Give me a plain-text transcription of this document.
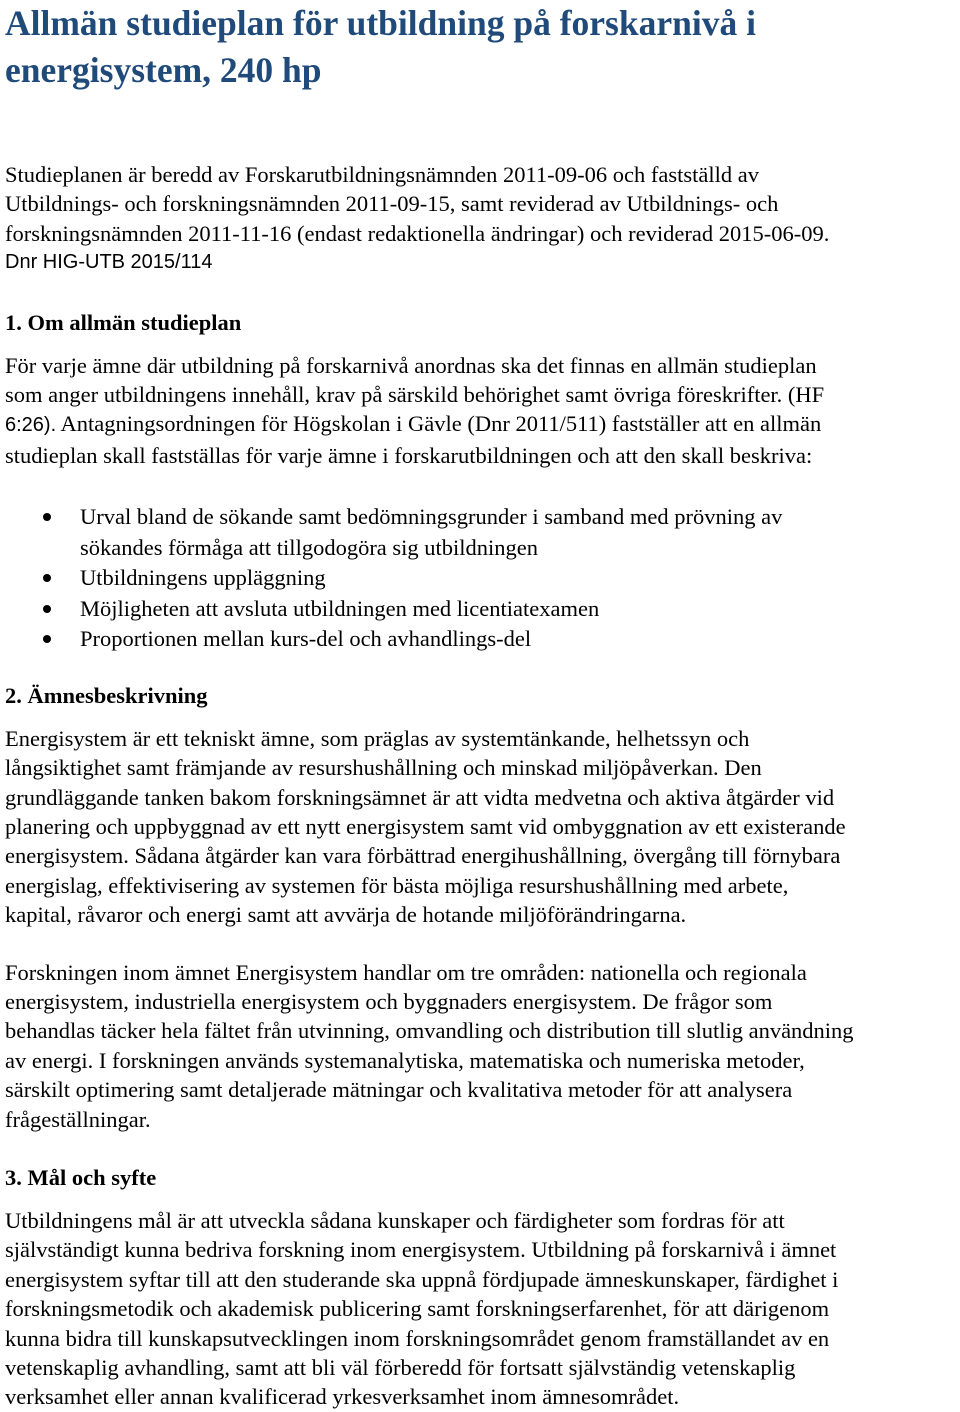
Allmän studieplan för utbildning på forskarnivå i
energisystem, 240 hp
Studieplanen är beredd av Forskarutbildningsnämnden 2011-09-06 och fastställd av
Utbildnings- och forskningsnämnden 2011-09-15, samt reviderad av Utbildnings- och
forskningsnämnden 2011-11-16 (endast redaktionella ändringar) och reviderad 2015-06-09.
Dnr HIG-UTB 2015/114
1. Om allmän studieplan
För varje ämne där utbildning på forskarnivå anordnas ska det finnas en allmän studieplan
som anger utbildningens innehåll, krav på särskild behörighet samt övriga föreskrifter. (HF
6:26). Antagningsordningen för Högskolan i Gävle (Dnr 2011/511) fastställer att en allmän
studieplan skall fastställas för varje ämne i forskarutbildningen och att den skall beskriva:
Urval bland de sökande samt bedömningsgrunder i samband med prövning av
sökandes förmåga att tillgodogöra sig utbildningen
Utbildningens uppläggning
Möjligheten att avsluta utbildningen med licentiatexamen
Proportionen mellan kurs-del och avhandlings-del
2. Ämnesbeskrivning
Energisystem är ett tekniskt ämne, som präglas av systemtänkande, helhetssyn och
långsiktighet samt främjande av resurshushållning och minskad miljöpåverkan. Den
grundläggande tanken bakom forskningsämnet är att vidta medvetna och aktiva åtgärder vid
planering och uppbyggnad av ett nytt energisystem samt vid ombyggnation av ett existerande
energisystem. Sådana åtgärder kan vara förbättrad energihushållning, övergång till förnybara
energislag, effektivisering av systemen för bästa möjliga resurshushållning med arbete,
kapital, råvaror och energi samt att avvärja de hotande miljöförändringarna.
Forskningen inom ämnet Energisystem handlar om tre områden: nationella och regionala
energisystem, industriella energisystem och byggnaders energisystem. De frågor som
behandlas täcker hela fältet från utvinning, omvandling och distribution till slutlig användning
av energi. I forskningen används systemanalytiska, matematiska och numeriska metoder,
särskilt optimering samt detaljerade mätningar och kvalitativa metoder för att analysera
frågeställningar.
3. Mål och syfte
Utbildningens mål är att utveckla sådana kunskaper och färdigheter som fordras för att
självständigt kunna bedriva forskning inom energisystem. Utbildning på forskarnivå i ämnet
energisystem syftar till att den studerande ska uppnå fördjupade ämneskunskaper, färdighet i
forskningsmetodik och akademisk publicering samt forskningserfarenhet, för att därigenom
kunna bidra till kunskapsutvecklingen inom forskningsområdet genom framställandet av en
vetenskaplig avhandling, samt att bli väl förberedd för fortsatt självständig vetenskaplig
verksamhet eller annan kvalificerad yrkesverksamhet inom ämnesområdet.
